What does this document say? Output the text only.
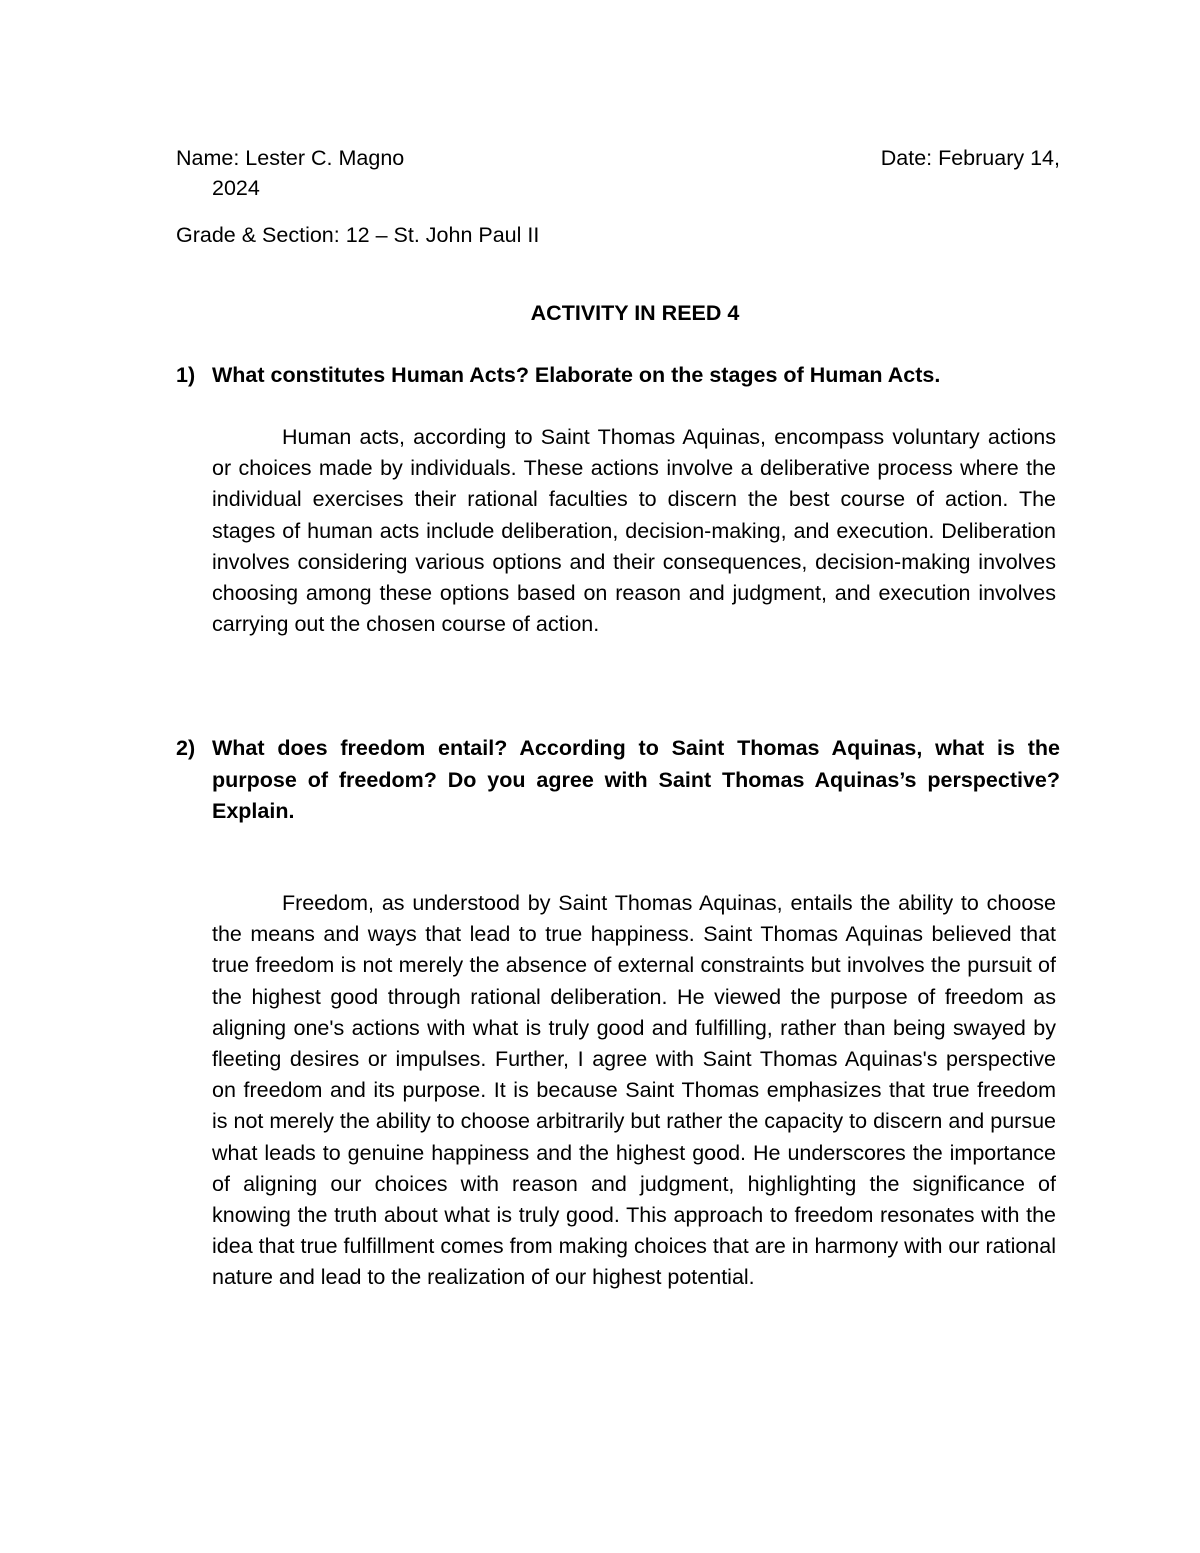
Name: Lester C. Magno	Date: February 14,
2024
Grade & Section: 12 – St. John Paul II
ACTIVITY IN REED 4
1) What constitutes Human Acts? Elaborate on the stages of Human Acts.
Human acts, according to Saint Thomas Aquinas, encompass voluntary actions or choices made by individuals. These actions involve a deliberative process where the individual exercises their rational faculties to discern the best course of action. The stages of human acts include deliberation, decision-making, and execution. Deliberation involves considering various options and their consequences, decision-making involves choosing among these options based on reason and judgment, and execution involves carrying out the chosen course of action.
2) What does freedom entail? According to Saint Thomas Aquinas, what is the purpose of freedom? Do you agree with Saint Thomas Aquinas’s perspective? Explain.
Freedom, as understood by Saint Thomas Aquinas, entails the ability to choose the means and ways that lead to true happiness. Saint Thomas Aquinas believed that true freedom is not merely the absence of external constraints but involves the pursuit of the highest good through rational deliberation. He viewed the purpose of freedom as aligning one's actions with what is truly good and fulfilling, rather than being swayed by fleeting desires or impulses. Further, I agree with Saint Thomas Aquinas's perspective on freedom and its purpose. It is because Saint Thomas emphasizes that true freedom is not merely the ability to choose arbitrarily but rather the capacity to discern and pursue what leads to genuine happiness and the highest good. He underscores the importance of aligning our choices with reason and judgment, highlighting the significance of knowing the truth about what is truly good. This approach to freedom resonates with the idea that true fulfillment comes from making choices that are in harmony with our rational nature and lead to the realization of our highest potential.
